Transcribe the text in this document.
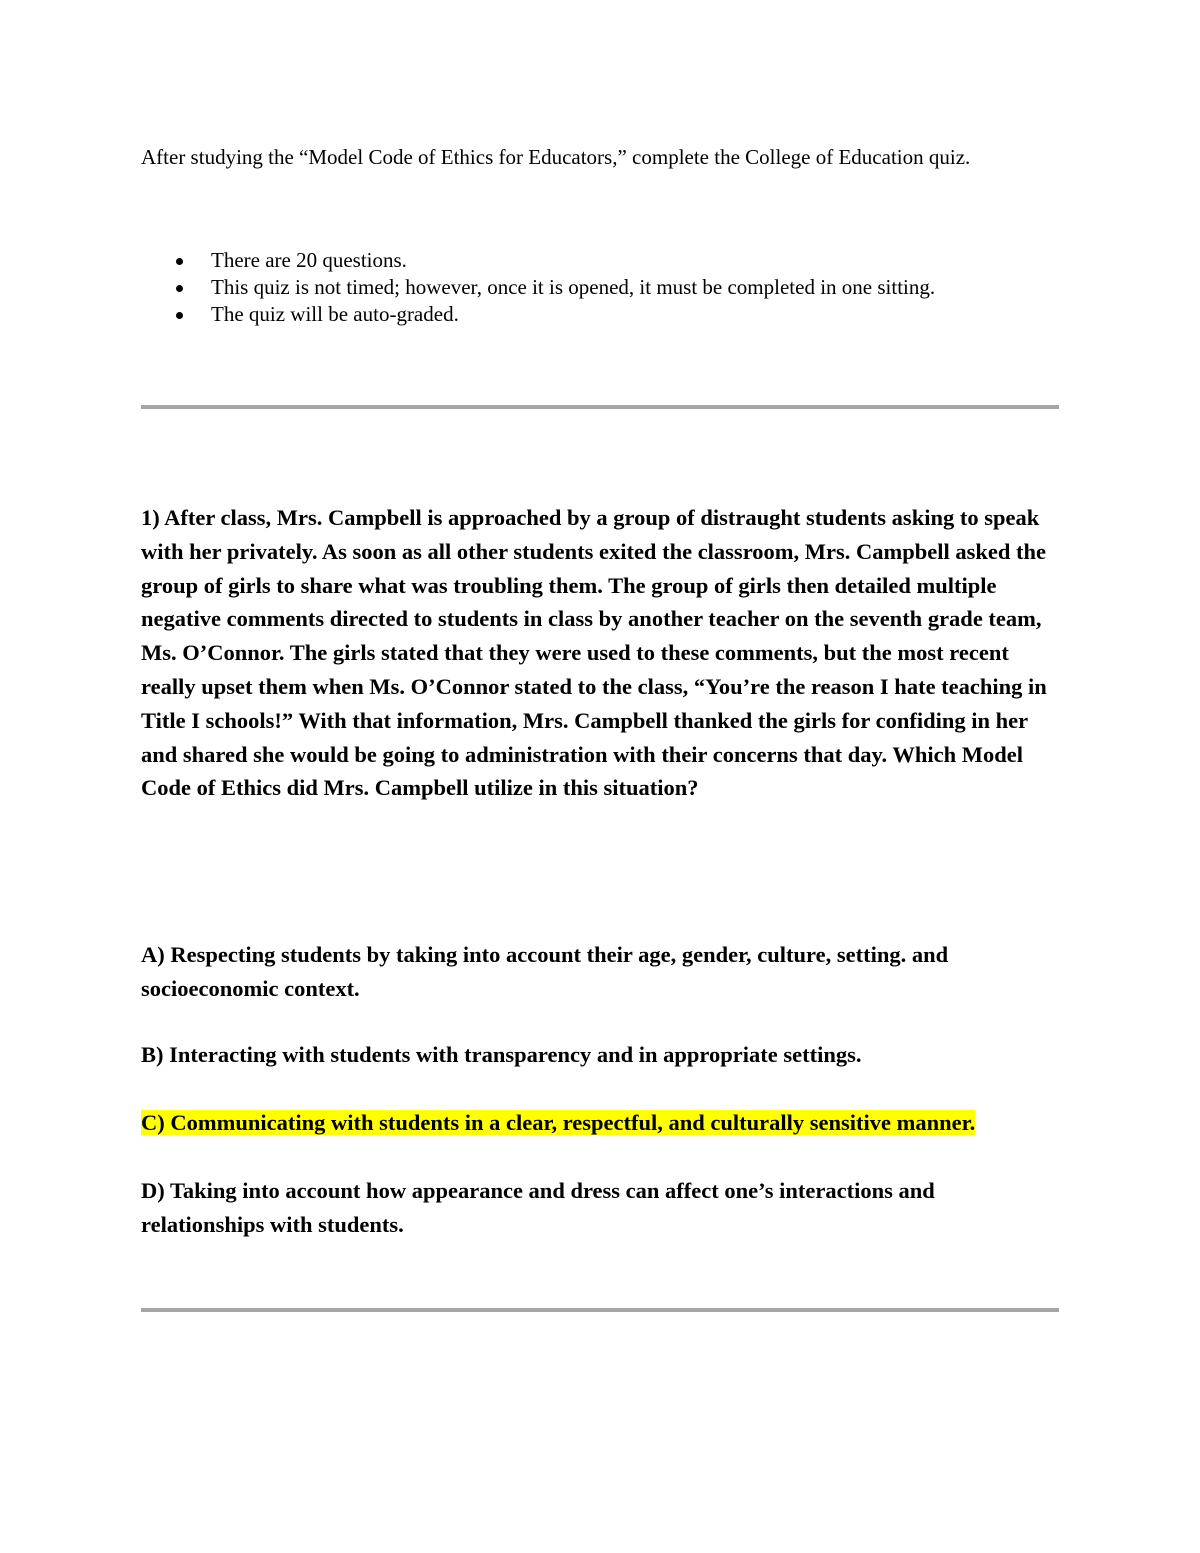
After studying the “Model Code of Ethics for Educators,” complete the College of Education quiz.

There are 20 questions.
This quiz is not timed; however, once it is opened, it must be completed in one sitting.
The quiz will be auto-graded.

1) After class, Mrs. Campbell is approached by a group of distraught students asking to speak with her privately. As soon as all other students exited the classroom, Mrs. Campbell asked the group of girls to share what was troubling them. The group of girls then detailed multiple negative comments directed to students in class by another teacher on the seventh grade team, Ms. O’Connor. The girls stated that they were used to these comments, but the most recent really upset them when Ms. O’Connor stated to the class, “You’re the reason I hate teaching in Title I schools!” With that information, Mrs. Campbell thanked the girls for confiding in her and shared she would be going to administration with their concerns that day. Which Model Code of Ethics did Mrs. Campbell utilize in this situation?

A) Respecting students by taking into account their age, gender, culture, setting. and socioeconomic context.

B) Interacting with students with transparency and in appropriate settings.

C) Communicating with students in a clear, respectful, and culturally sensitive manner.

D) Taking into account how appearance and dress can affect one’s interactions and relationships with students.
